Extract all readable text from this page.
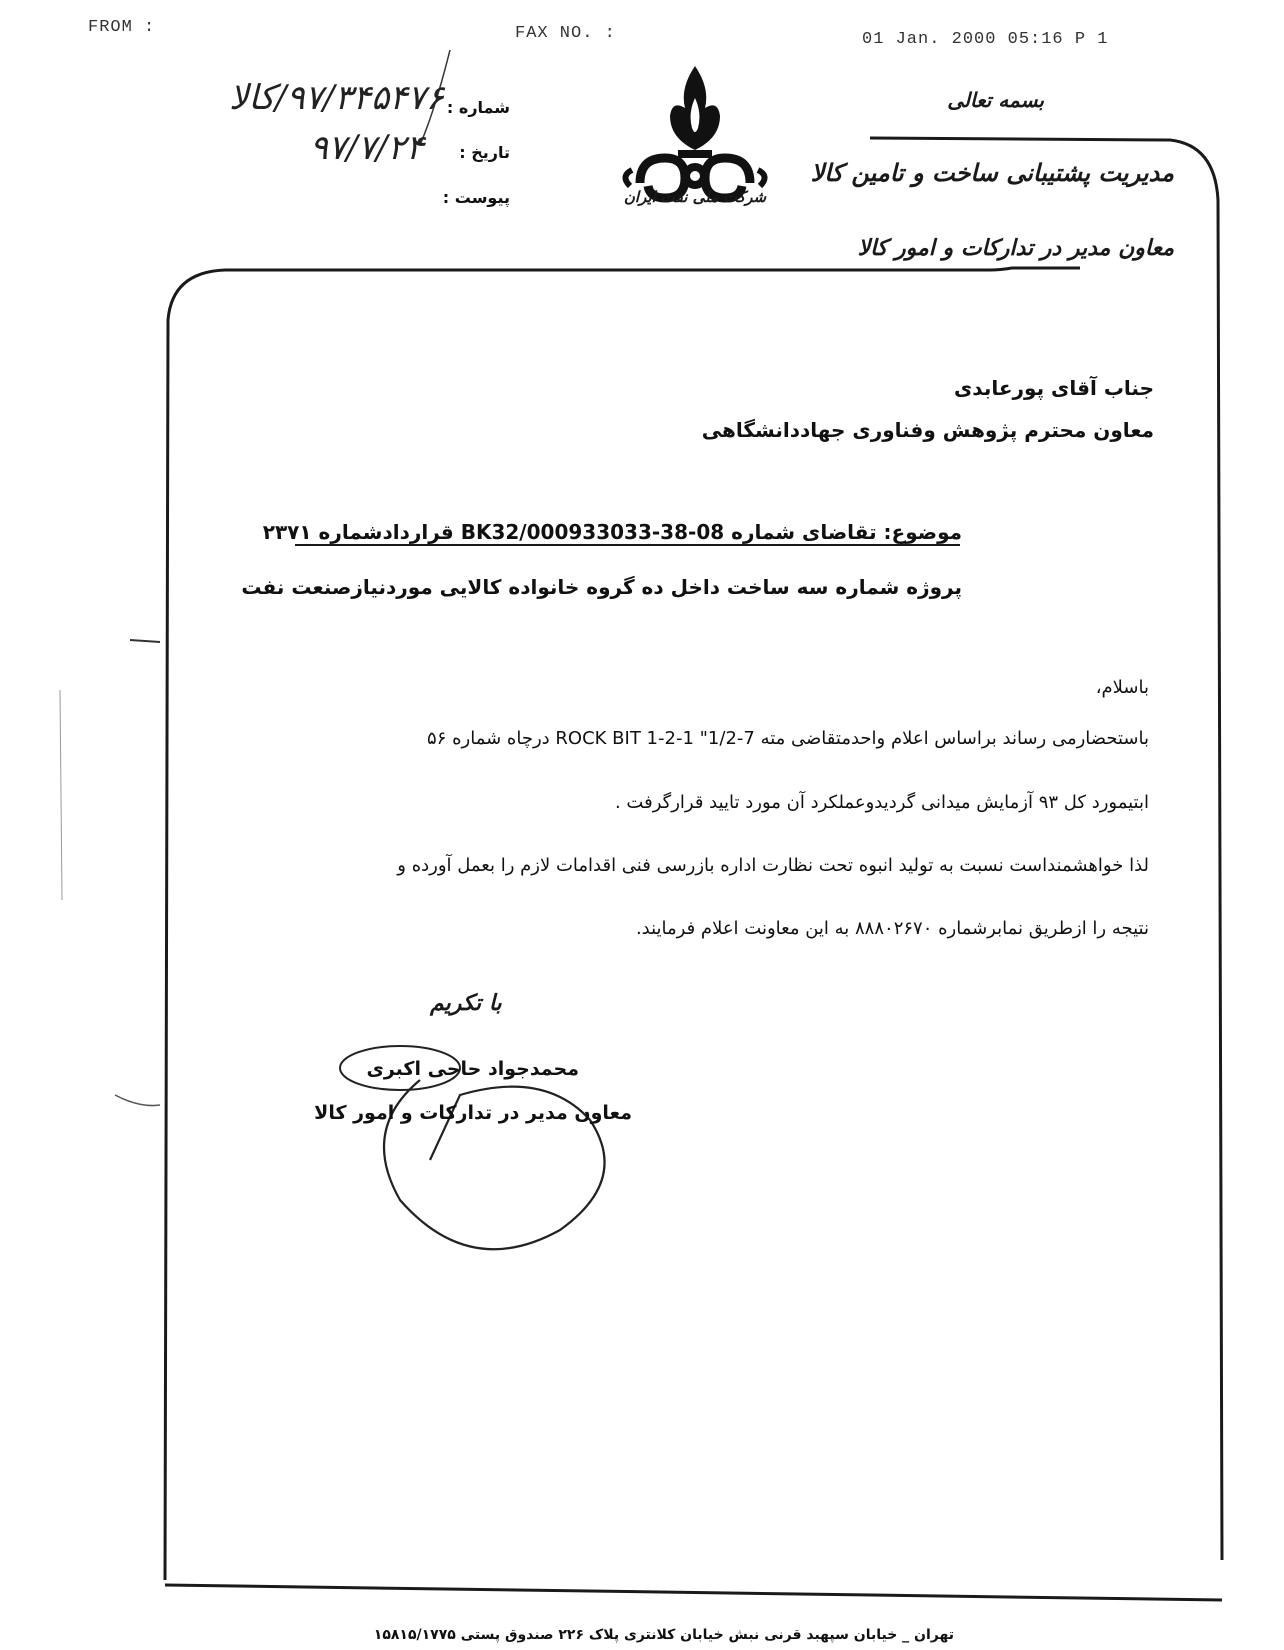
FROM :	FAX NO. :	01 Jan. 2000 05:16 P 1
بسمه تعالی
شماره :
۹۷/۳۴۵۴۷۶/کالا
تاریخ :
۹۷/۷/۲۴
پیوست :	شرکت ملی نفت ایران
مدیریت پشتیبانی ساخت و تامین کالا
معاون مدیر در تدارکات و امور کالا
جناب آقای پورعابدی
معاون محترم پژوهش وفناوری جهاددانشگاهی
موضوع: تقاضای شماره 08-38-000933033/BK32 قراردادشماره ۲۳۷۱
پروژه شماره سه ساخت داخل ده گروه خانواده کالایی موردنیازصنعت نفت
باسلام،
باستحضارمی رساند براساس اعلام واحدمتقاضی مته 7-1/2" ROCK BIT 1-2-1 درچاه شماره ۵۶
ابتیمورد کل ۹۳ آزمایش میدانی گردیدوعملکرد آن مورد تایید قرارگرفت .
لذا خواهشمنداست نسبت به تولید انبوه تحت نظارت اداره بازرسی فنی اقدامات لازم را بعمل آورده و
نتیجه را ازطریق نمابرشماره ۸۸۸۰۲۶۷۰ به این معاونت اعلام فرمایند.
با تکریم
محمدجواد حاجی اکبری
معاون مدیر در تدارکات و امور کالا
تهران _ خیابان سپهبد قرنی نبش خیابان کلانتری پلاک ۲۲۶ صندوق پستی ۱۵۸۱۵/۱۷۷۵
